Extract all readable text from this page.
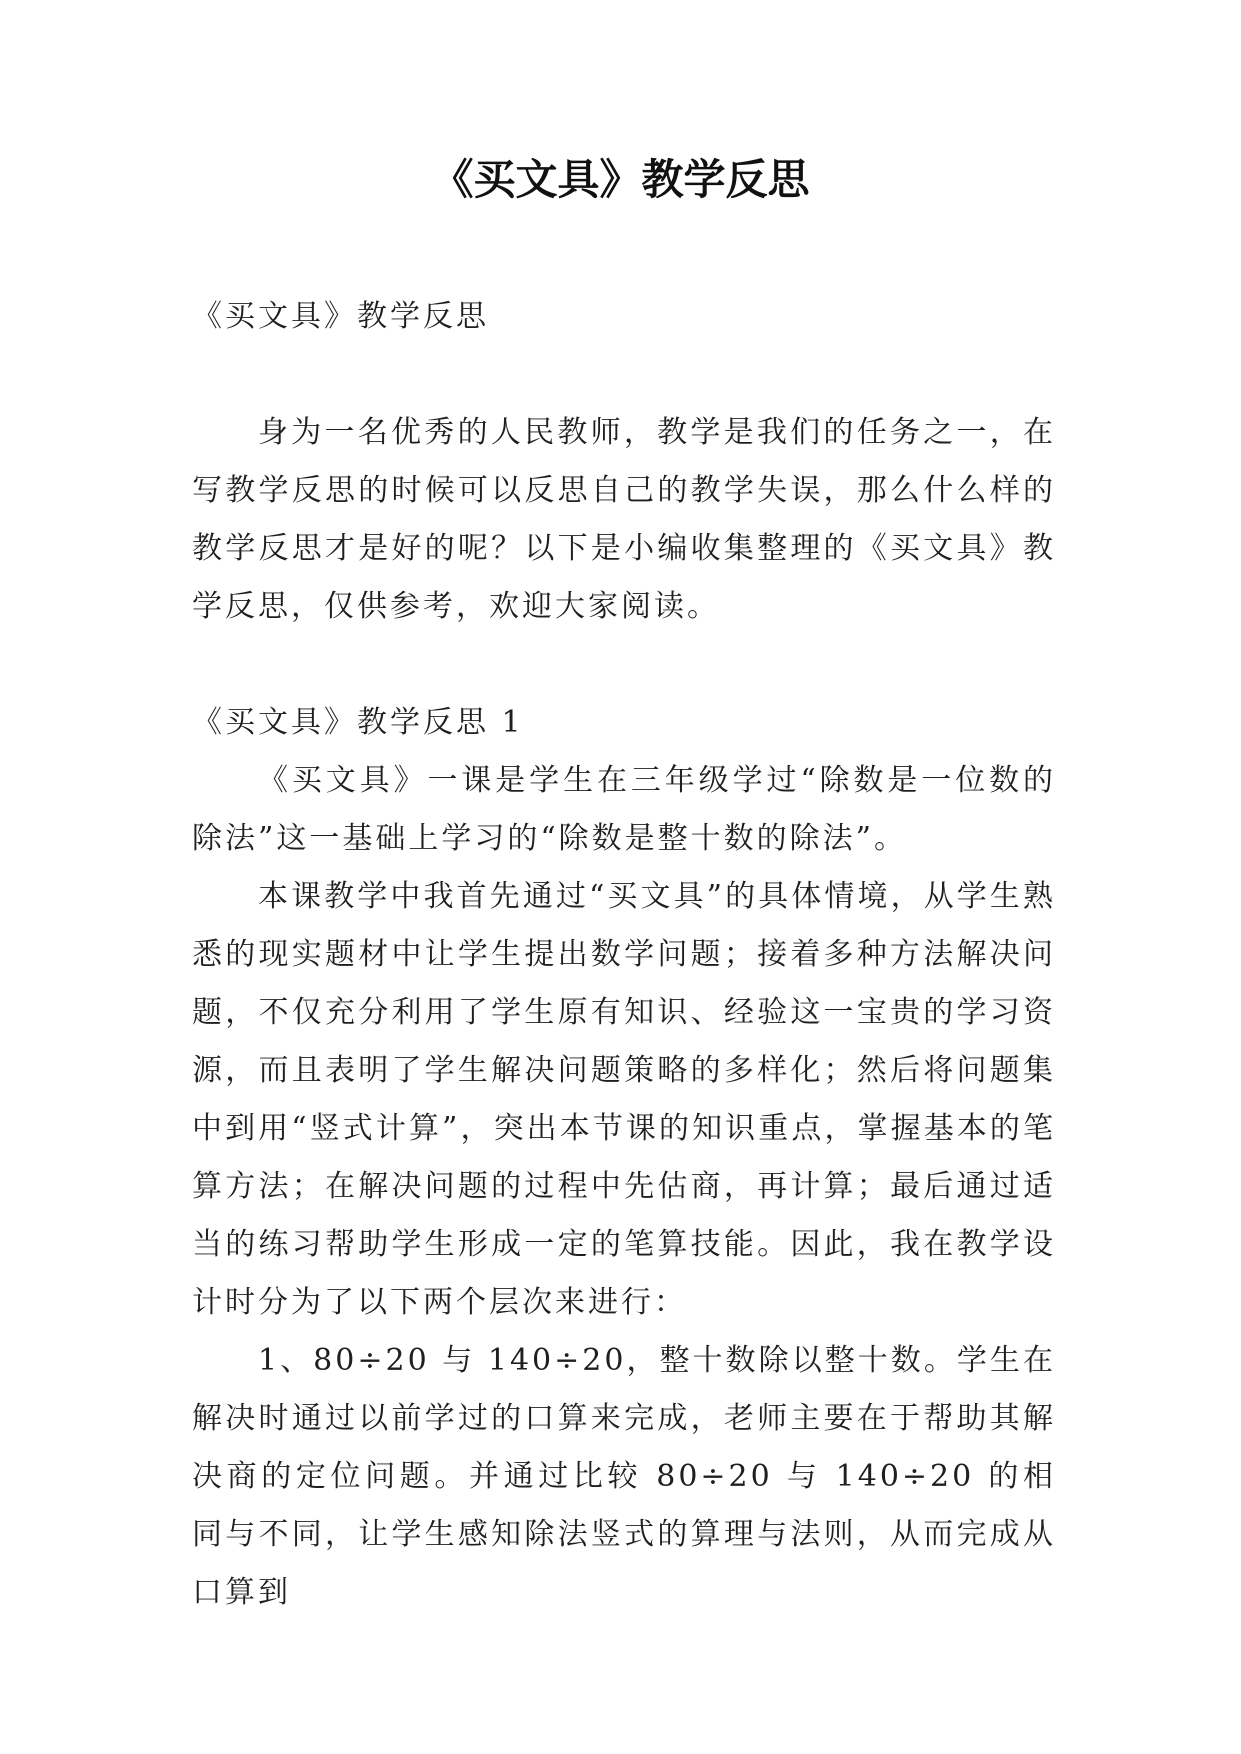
《买文具》教学反思

《买文具》教学反思

身为一名优秀的人民教师，教学是我们的任务之一，在写教学反思的时候可以反思自己的教学失误，那么什么样的教学反思才是好的呢？以下是小编收集整理的《买文具》教学反思，仅供参考，欢迎大家阅读。

《买文具》教学反思 1

《买文具》一课是学生在三年级学过“除数是一位数的除法”这一基础上学习的“除数是整十数的除法”。

本课教学中我首先通过“买文具”的具体情境，从学生熟悉的现实题材中让学生提出数学问题；接着多种方法解决问题，不仅充分利用了学生原有知识、经验这一宝贵的学习资源，而且表明了学生解决问题策略的多样化；然后将问题集中到用“竖式计算”，突出本节课的知识重点，掌握基本的笔算方法；在解决问题的过程中先估商，再计算；最后通过适当的练习帮助学生形成一定的笔算技能。因此，我在教学设计时分为了以下两个层次来进行：

1、80÷20 与 140÷20，整十数除以整十数。学生在解决时通过以前学过的口算来完成，老师主要在于帮助其解决商的定位问题。并通过比较 80÷20 与 140÷20 的相同与不同，让学生感知除法竖式的算理与法则，从而完成从口算到
